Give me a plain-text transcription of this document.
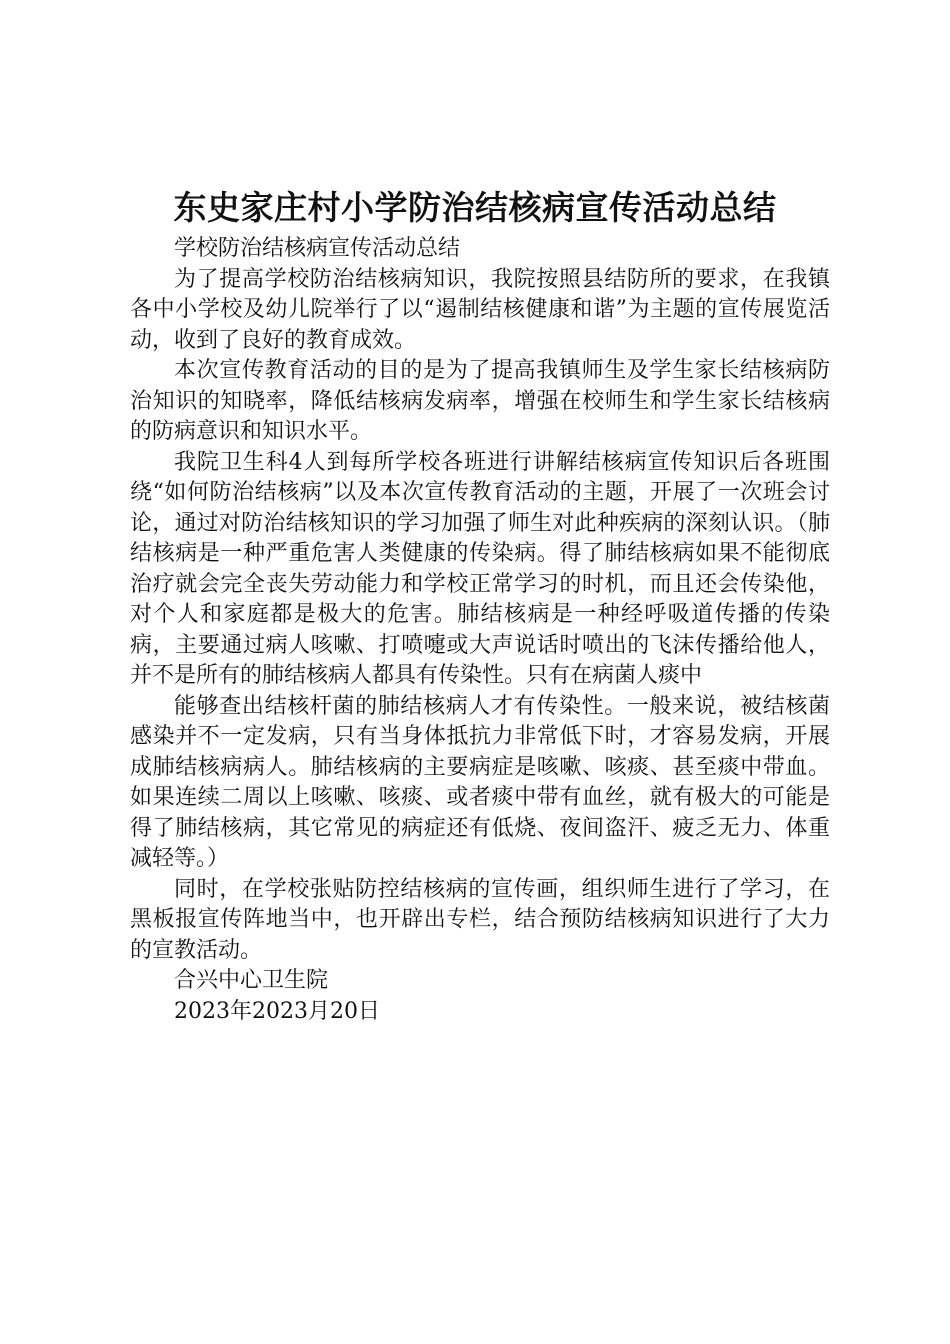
东史家庄村小学防治结核病宣传活动总结

学校防治结核病宣传活动总结

为了提高学校防治结核病知识，我院按照县结防所的要求，在我镇各中小学校及幼儿院举行了以“遏制结核健康和谐”为主题的宣传展览活动，收到了良好的教育成效。

本次宣传教育活动的目的是为了提高我镇师生及学生家长结核病防治知识的知晓率，降低结核病发病率，增强在校师生和学生家长结核病的防病意识和知识水平。

我院卫生科4人到每所学校各班进行讲解结核病宣传知识后各班围绕“如何防治结核病”以及本次宣传教育活动的主题，开展了一次班会讨论，通过对防治结核知识的学习加强了师生对此种疾病的深刻认识。（肺结核病是一种严重危害人类健康的传染病。得了肺结核病如果不能彻底治疗就会完全丧失劳动能力和学校正常学习的时机，而且还会传染他，对个人和家庭都是极大的危害。肺结核病是一种经呼吸道传播的传染病，主要通过病人咳嗽、打喷嚏或大声说话时喷出的飞沫传播给他人，并不是所有的肺结核病人都具有传染性。只有在病菌人痰中

能够查出结核杆菌的肺结核病人才有传染性。一般来说，被结核菌感染并不一定发病，只有当身体抵抗力非常低下时，才容易发病，开展成肺结核病病人。肺结核病的主要病症是咳嗽、咳痰、甚至痰中带血。如果连续二周以上咳嗽、咳痰、或者痰中带有血丝，就有极大的可能是得了肺结核病，其它常见的病症还有低烧、夜间盗汗、疲乏无力、体重减轻等。）

同时，在学校张贴防控结核病的宣传画，组织师生进行了学习，在黑板报宣传阵地当中，也开辟出专栏，结合预防结核病知识进行了大力的宣教活动。

合兴中心卫生院

2023年2023月20日
